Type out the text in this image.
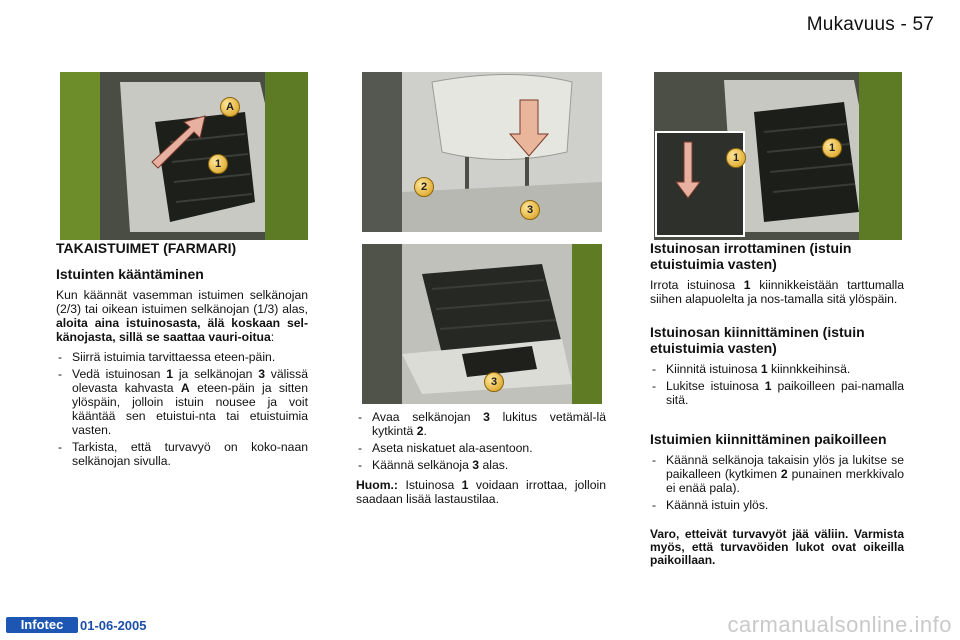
Mukavuus - 57
A
1
2
3
3
1
1
TAKAISTUIMET (FARMARI)
Istuinten kääntäminen

Kun käännät vasemman istuimen selkänojan (2/3) tai oikean istuimen selkänojan (1/3) alas, aloita aina istuinosasta, älä koskaan sel-känojasta, sillä se saattaa vauri-oitua:

- Siirrä istuimia tarvittaessa eteen-päin.
- Vedä istuinosan 1 ja selkänojan 3 välissä olevasta kahvasta A eteen-päin ja sitten ylöspäin, jolloin istuin nousee ja voit kääntää sen etuistui-nta tai etuistuimia vasten.
- Tarkista, että turvavyö on koko-naan selkänojan sivulla.
- Avaa selkänojan 3 lukitus vetämäl-lä kytkintä 2.
- Aseta niskatuet ala-asentoon.
- Käännä selkänoja 3 alas.

Huom.: Istuinosa 1 voidaan irrottaa, jolloin saadaan lisää lastaustilaa.

Istuinosan irrottaminen (istuin etuistuimia vasten)

Irrota istuinosa 1 kiinnikkeistään tarttumalla siihen alapuolelta ja nos-tamalla sitä ylöspäin.

Istuinosan kiinnittäminen (istuin etuistuimia vasten)
- Kiinnitä istuinosa 1 kiinnkkeihinsä.
- Lukitse istuinosa 1 paikoilleen pai-namalla sitä.
Istuimien kiinnittäminen paikoilleen
- Käännä selkänoja takaisin ylös ja lukitse se paikalleen (kytkimen 2 punainen merkkivalo ei enää pala).
- Käännä istuin ylös.

Varo, etteivät turvavyöt jää väliin. Varmista myös, että turvavöiden lukot ovat oikeilla paikoillaan.

Infotec	01-06-2005	carmanualsonline.info
